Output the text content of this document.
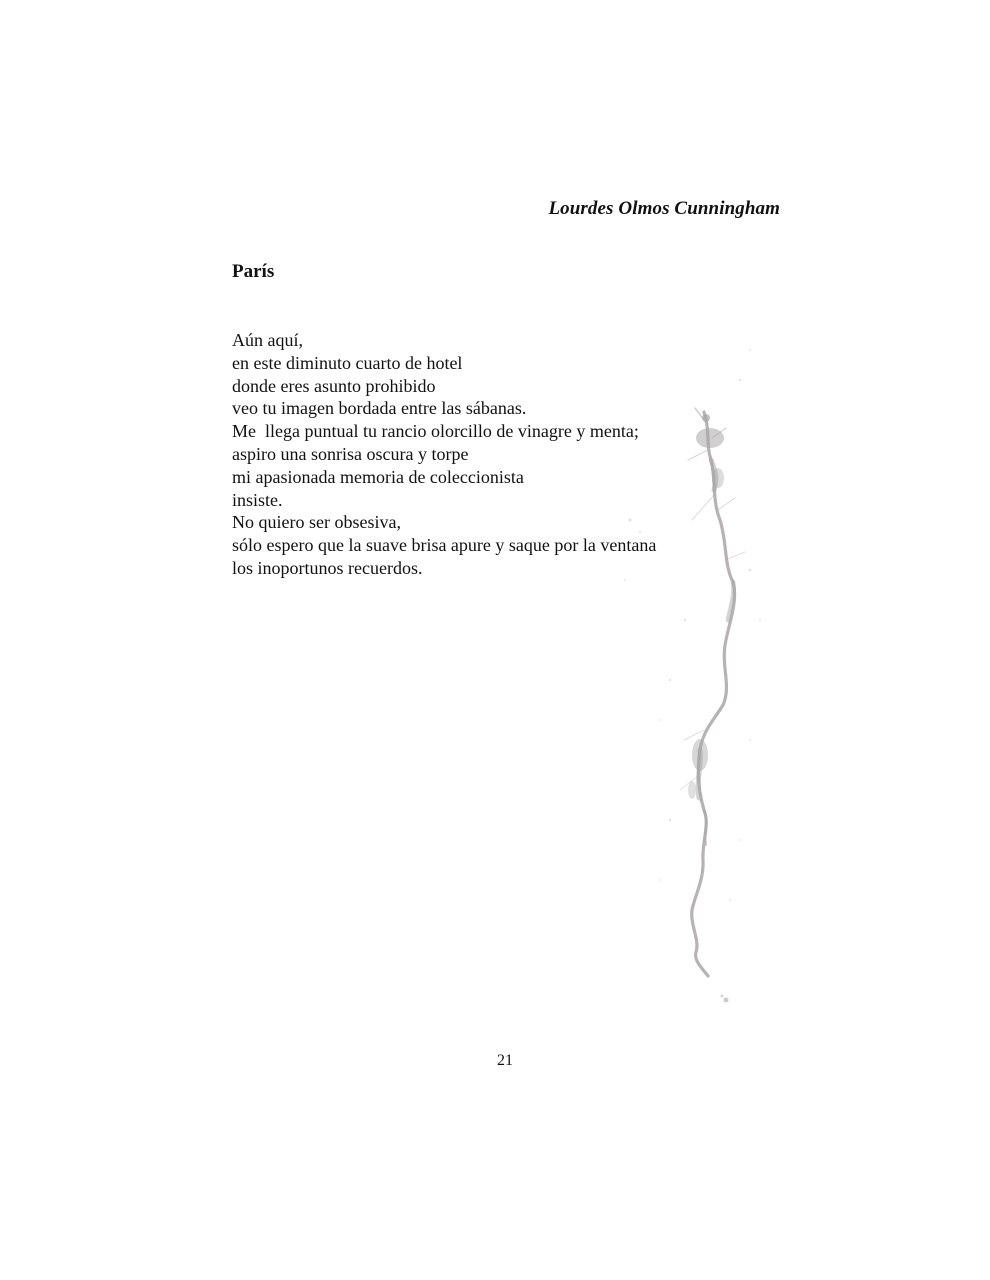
Lourdes Olmos Cunningham
París
Aún aquí,
en este diminuto cuarto de hotel
donde eres asunto prohibido
veo tu imagen bordada entre las sábanas.
Me  llega puntual tu rancio olorcillo de vinagre y menta;
aspiro una sonrisa oscura y torpe
mi apasionada memoria de coleccionista
insiste.
No quiero ser obsesiva,
sólo espero que la suave brisa apure y saque por la ventana
los inoportunos recuerdos.
21
